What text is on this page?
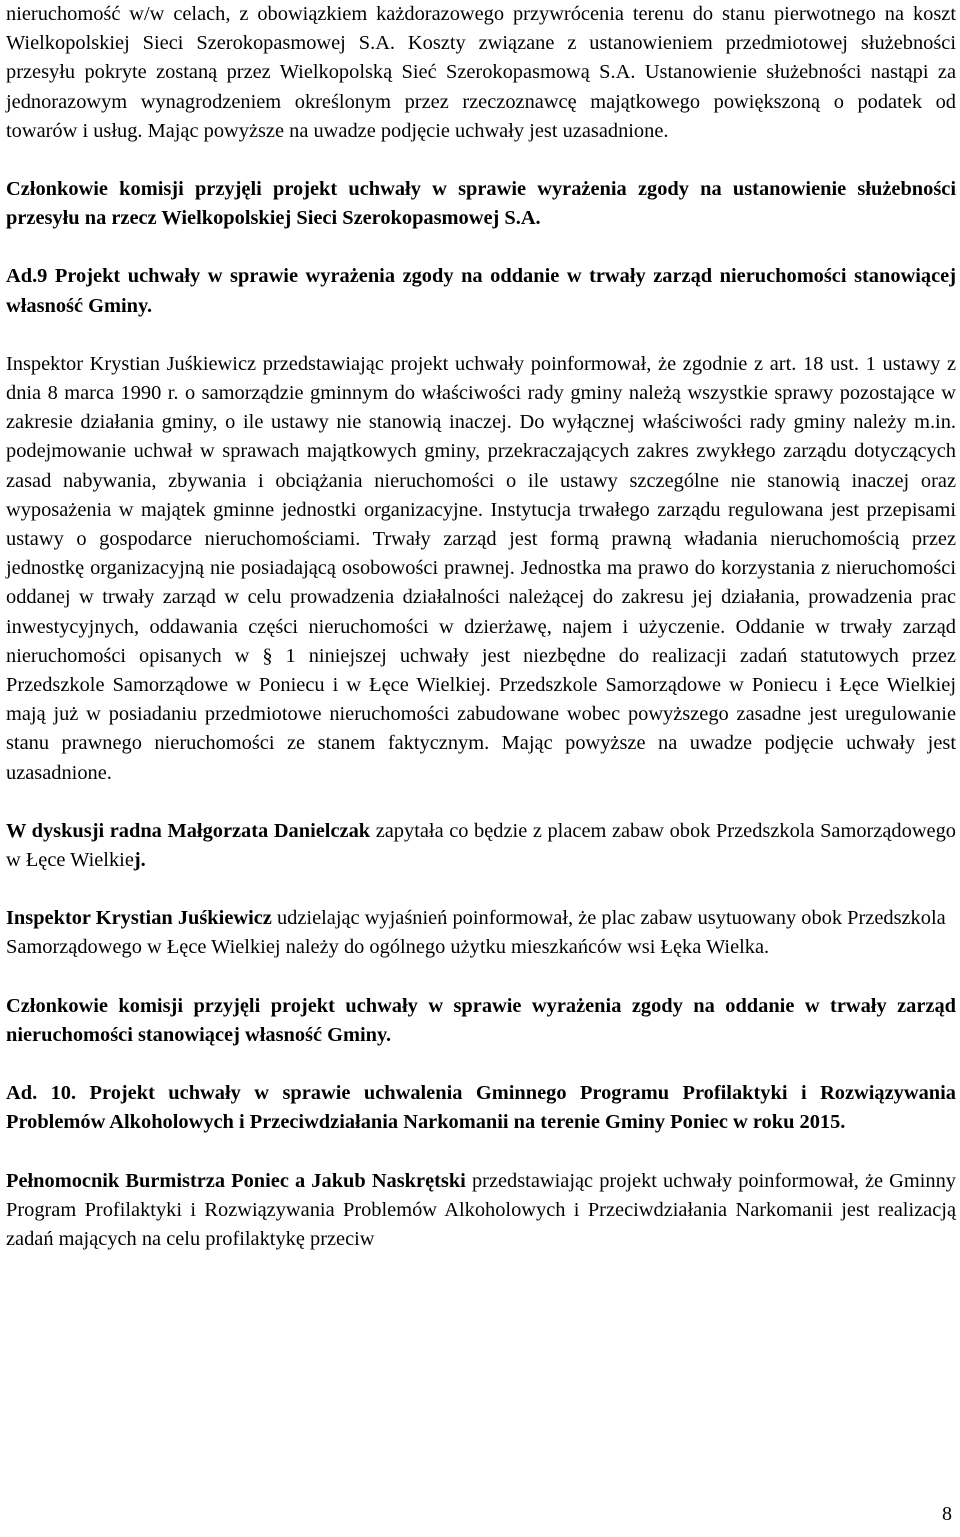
nieruchomość w/w celach, z obowiązkiem każdorazowego przywrócenia terenu do stanu pierwotnego na koszt Wielkopolskiej Sieci Szerokopasmowej S.A. Koszty związane z ustanowieniem przedmiotowej służebności przesyłu pokryte zostaną przez Wielkopolską Sieć Szerokopasmową S.A. Ustanowienie służebności nastąpi za jednorazowym wynagrodzeniem określonym przez rzeczoznawcę majątkowego powiększoną o podatek od towarów i usług. Mając powyższe na uwadze podjęcie uchwały jest uzasadnione.

Członkowie komisji przyjęli projekt uchwały w sprawie wyrażenia zgody na ustanowienie służebności przesyłu na rzecz Wielkopolskiej Sieci Szerokopasmowej S.A.

Ad.9 Projekt uchwały w sprawie wyrażenia zgody na oddanie w trwały zarząd nieruchomości stanowiącej własność Gminy.

Inspektor Krystian Juśkiewicz przedstawiając projekt uchwały poinformował, że zgodnie z art. 18 ust. 1 ustawy z dnia 8 marca 1990 r. o samorządzie gminnym do właściwości rady gminy należą wszystkie sprawy pozostające w zakresie działania gminy, o ile ustawy nie stanowią inaczej. Do wyłącznej właściwości rady gminy należy m.in. podejmowanie uchwał w sprawach majątkowych gminy, przekraczających zakres zwykłego zarządu dotyczących zasad nabywania, zbywania i obciążania nieruchomości o ile ustawy szczególne nie stanowią inaczej oraz wyposażenia w majątek gminne jednostki organizacyjne. Instytucja trwałego zarządu regulowana jest przepisami ustawy o gospodarce nieruchomościami. Trwały zarząd jest formą prawną władania nieruchomością przez jednostkę organizacyjną nie posiadającą osobowości prawnej. Jednostka ma prawo do korzystania z nieruchomości oddanej w trwały zarząd w celu prowadzenia działalności należącej do zakresu jej działania, prowadzenia prac inwestycyjnych, oddawania części nieruchomości w dzierżawę, najem i użyczenie. Oddanie w trwały zarząd nieruchomości opisanych w § 1 niniejszej uchwały jest niezbędne do realizacji zadań statutowych przez Przedszkole Samorządowe w Poniecu i w Łęce Wielkiej. Przedszkole Samorządowe w Poniecu i Łęce Wielkiej mają już w posiadaniu przedmiotowe nieruchomości zabudowane wobec powyższego zasadne jest uregulowanie stanu prawnego nieruchomości ze stanem faktycznym. Mając powyższe na uwadze podjęcie uchwały jest uzasadnione.

W dyskusji radna Małgorzata Danielczak zapytała co będzie z placem zabaw obok Przedszkola Samorządowego w Łęce Wielkiej.

Inspektor Krystian Juśkiewicz udzielając wyjaśnień poinformował, że plac zabaw usytuowany obok Przedszkola Samorządowego w Łęce Wielkiej należy do ogólnego użytku mieszkańców wsi Łęka Wielka.

Członkowie komisji przyjęli projekt uchwały w sprawie wyrażenia zgody na oddanie w trwały zarząd nieruchomości stanowiącej własność Gminy.

Ad. 10. Projekt uchwały w sprawie uchwalenia Gminnego Programu Profilaktyki i Rozwiązywania Problemów Alkoholowych i Przeciwdziałania Narkomanii na terenie Gminy Poniec w roku 2015.

Pełnomocnik Burmistrza Poniec a Jakub Naskrętski przedstawiając projekt uchwały poinformował, że Gminny Program Profilaktyki i Rozwiązywania Problemów Alkoholowych i Przeciwdziałania Narkomanii jest realizacją zadań mających na celu profilaktykę przeciw

8
